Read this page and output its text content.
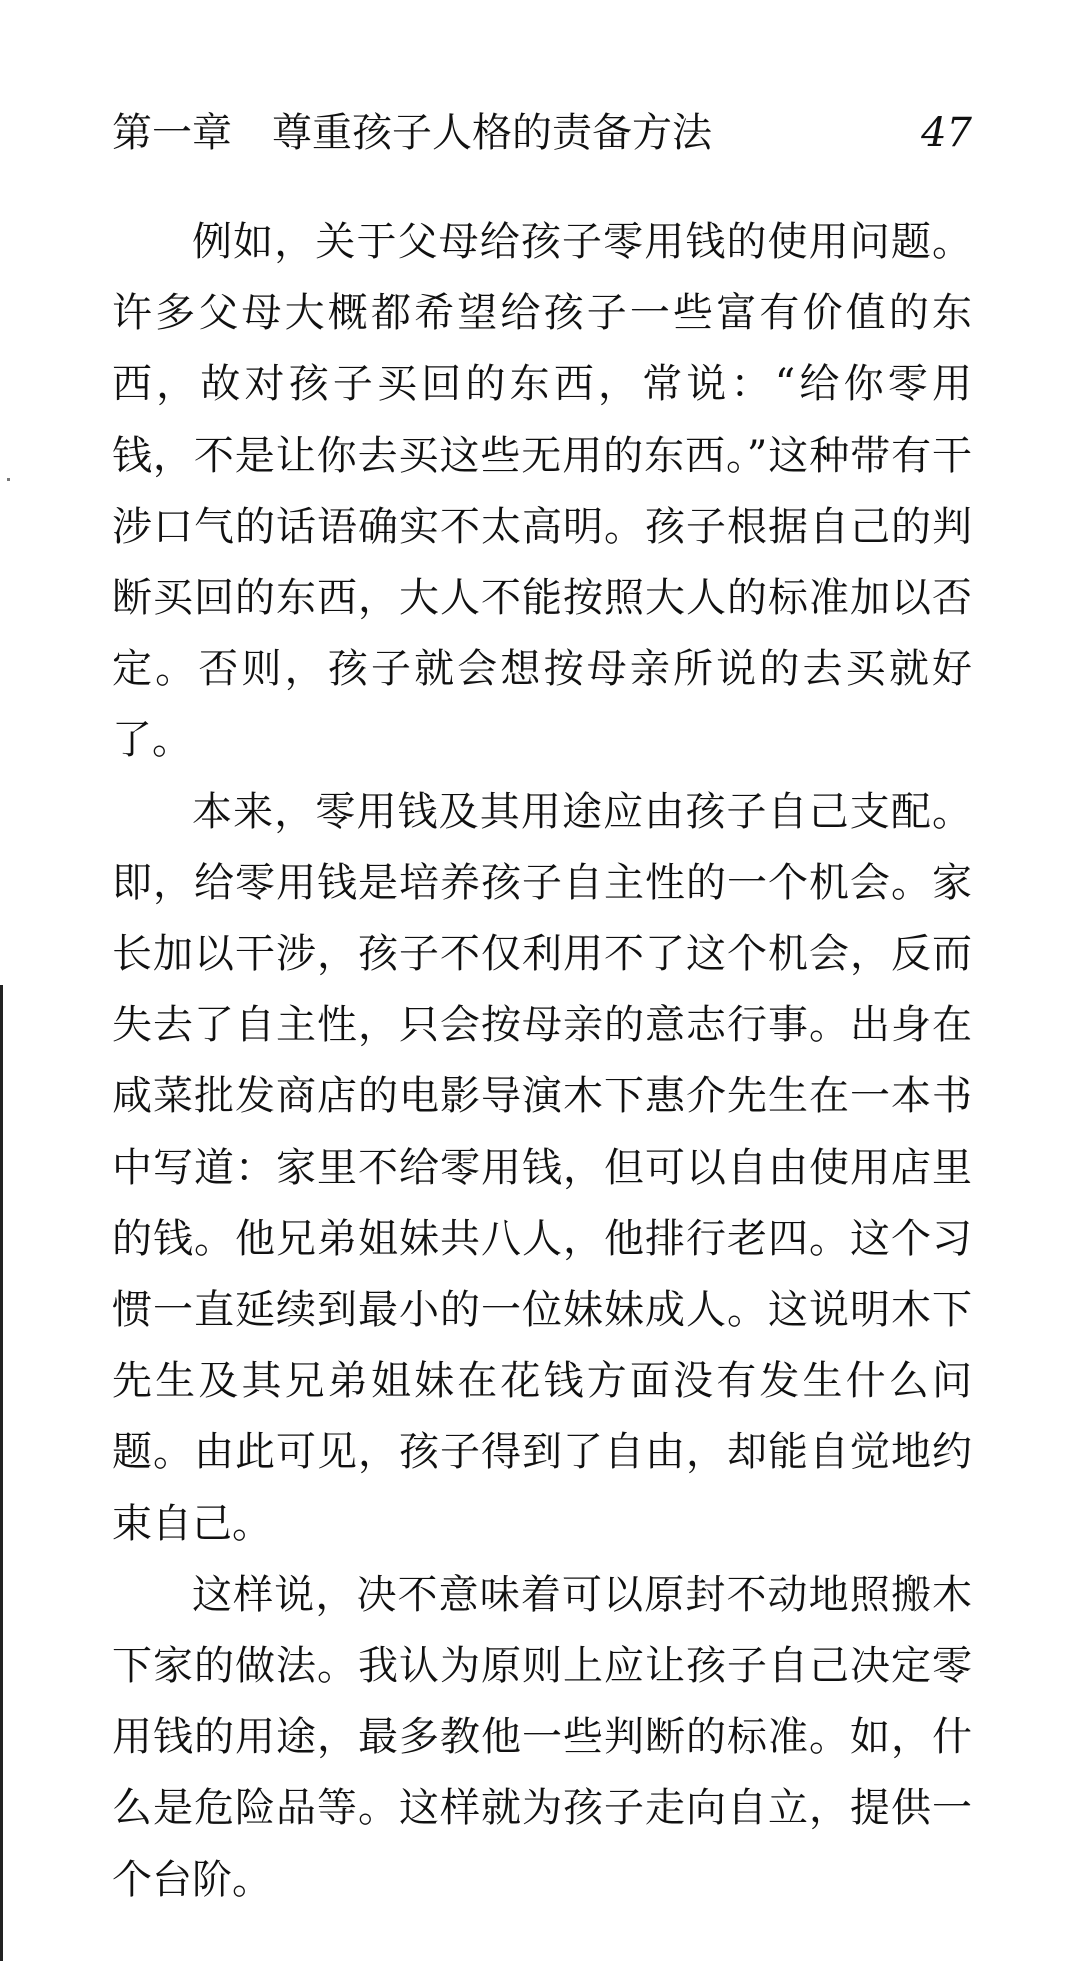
第一章　尊重孩子人格的责备方法	47

例如，关于父母给孩子零用钱的使用问题。许多父母大概都希望给孩子一些富有价值的东西，故对孩子买回的东西，常说：“给你零用钱，不是让你去买这些无用的东西。”这种带有干涉口气的话语确实不太高明。孩子根据自己的判断买回的东西，大人不能按照大人的标准加以否定。否则，孩子就会想按母亲所说的去买就好了。

本来，零用钱及其用途应由孩子自己支配。即，给零用钱是培养孩子自主性的一个机会。家长加以干涉，孩子不仅利用不了这个机会，反而失去了自主性，只会按母亲的意志行事。出身在咸菜批发商店的电影导演木下惠介先生在一本书中写道：家里不给零用钱，但可以自由使用店里的钱。他兄弟姐妹共八人，他排行老四。这个习惯一直延续到最小的一位妹妹成人。这说明木下先生及其兄弟姐妹在花钱方面没有发生什么问题。由此可见，孩子得到了自由，却能自觉地约束自己。

这样说，决不意味着可以原封不动地照搬木下家的做法。我认为原则上应让孩子自己决定零用钱的用途，最多教他一些判断的标准。如，什么是危险品等。这样就为孩子走向自立，提供一个台阶。
